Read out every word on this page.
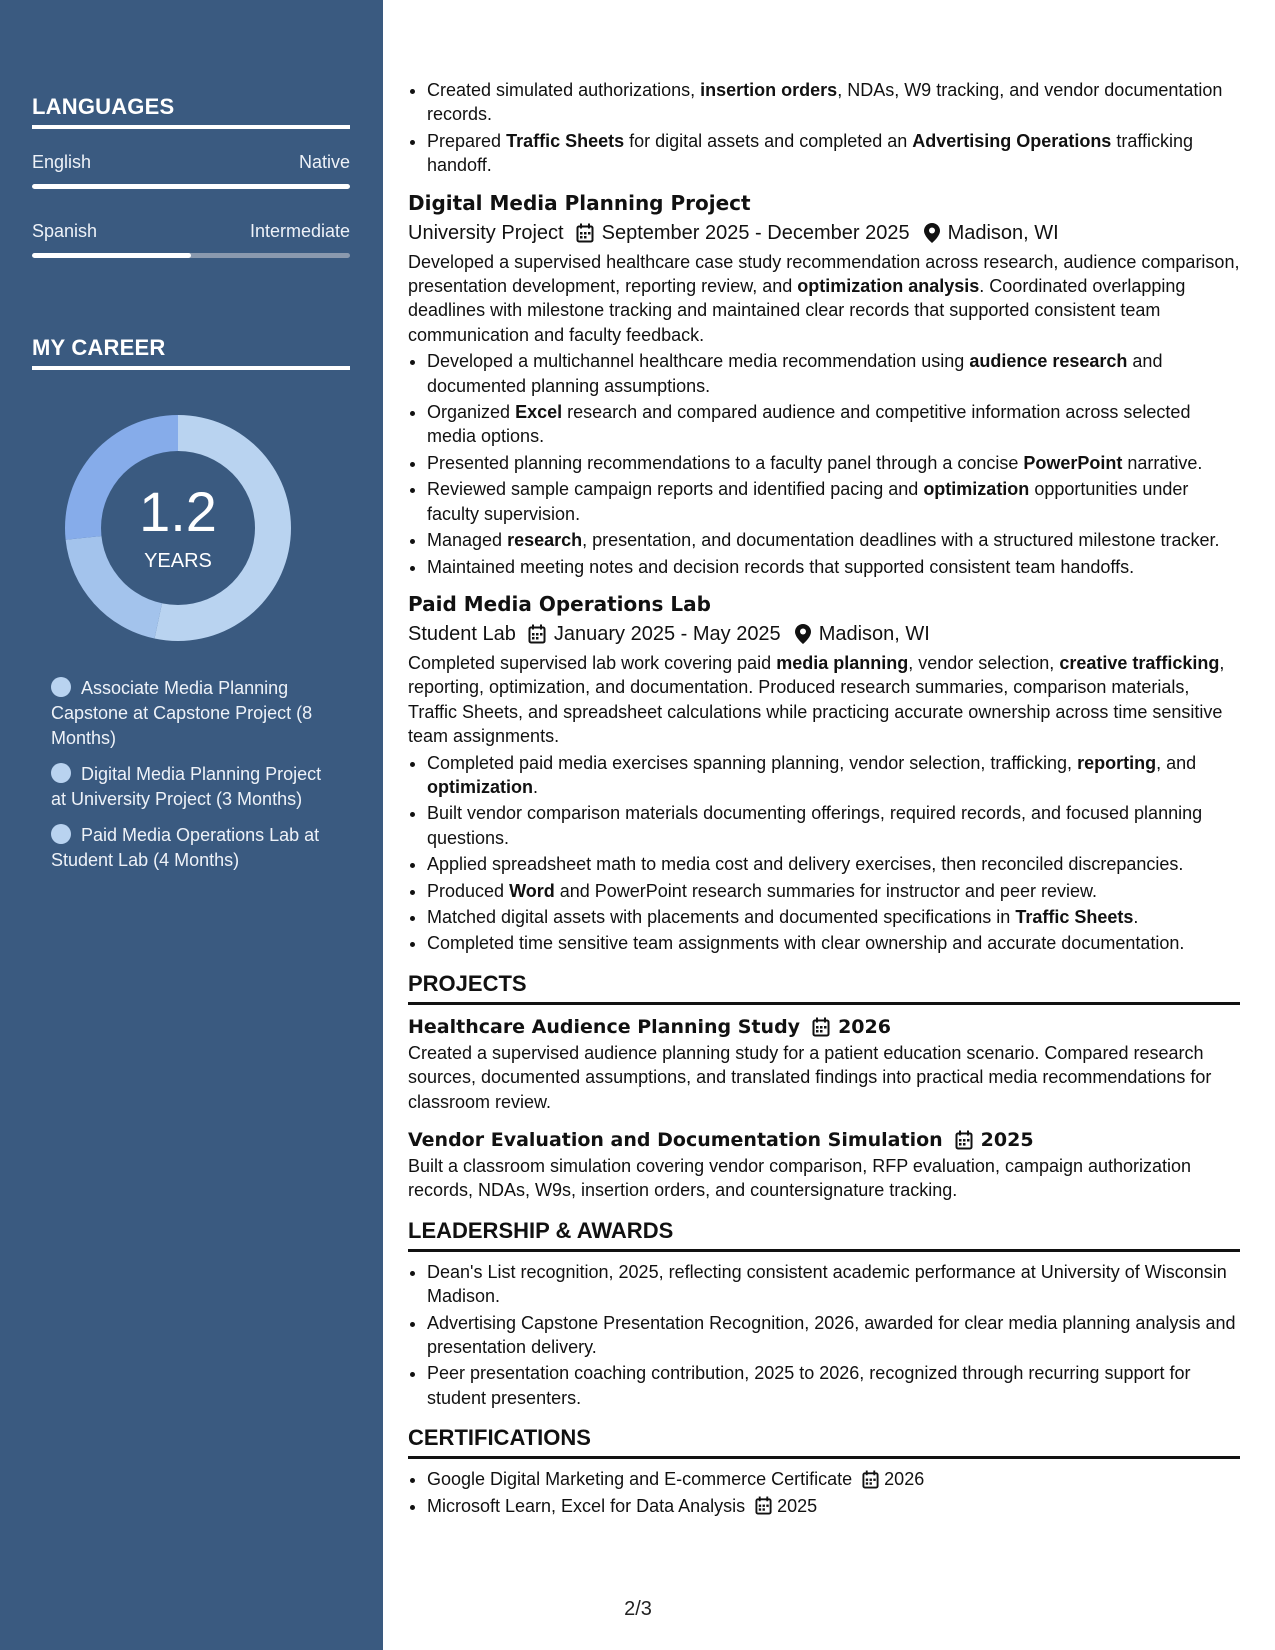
LANGUAGES
English	Native
Spanish	Intermediate
MY CAREER
1.2
YEARS
Associate Media Planning Capstone at Capstone Project (8 Months)
Digital Media Planning Project at University Project (3 Months)
Paid Media Operations Lab at Student Lab (4 Months)
• Created simulated authorizations, insertion orders, NDAs, W9 tracking, and vendor documentation records.
• Prepared Traffic Sheets for digital assets and completed an Advertising Operations trafficking handoff.
Digital Media Planning Project
University Project September 2025 - December 2025 Madison, WI

Developed a supervised healthcare case study recommendation across research, audience comparison, presentation development, reporting review, and optimization analysis. Coordinated overlapping deadlines with milestone tracking and maintained clear records that supported consistent team communication and faculty feedback.

• Developed a multichannel healthcare media recommendation using audience research and documented planning assumptions.
• Organized Excel research and compared audience and competitive information across selected media options.
• Presented planning recommendations to a faculty panel through a concise PowerPoint narrative.
• Reviewed sample campaign reports and identified pacing and optimization opportunities under faculty supervision.
• Managed research, presentation, and documentation deadlines with a structured milestone tracker.
• Maintained meeting notes and decision records that supported consistent team handoffs.
Paid Media Operations Lab
Student Lab January 2025 - May 2025 Madison, WI

Completed supervised lab work covering paid media planning, vendor selection, creative trafficking, reporting, optimization, and documentation. Produced research summaries, comparison materials, Traffic Sheets, and spreadsheet calculations while practicing accurate ownership across time sensitive team assignments.

• Completed paid media exercises spanning planning, vendor selection, trafficking, reporting, and optimization.
• Built vendor comparison materials documenting offerings, required records, and focused planning questions.
• Applied spreadsheet math to media cost and delivery exercises, then reconciled discrepancies.
• Produced Word and PowerPoint research summaries for instructor and peer review.
• Matched digital assets with placements and documented specifications in Traffic Sheets.
• Completed time sensitive team assignments with clear ownership and accurate documentation.
PROJECTS
Healthcare Audience Planning Study 2026

Created a supervised audience planning study for a patient education scenario. Compared research sources, documented assumptions, and translated findings into practical media recommendations for classroom review.

Vendor Evaluation and Documentation Simulation 2025

Built a classroom simulation covering vendor comparison, RFP evaluation, campaign authorization records, NDAs, W9s, insertion orders, and countersignature tracking.

LEADERSHIP & AWARDS
• Dean's List recognition, 2025, reflecting consistent academic performance at University of Wisconsin Madison.
• Advertising Capstone Presentation Recognition, 2026, awarded for clear media planning analysis and presentation delivery.
• Peer presentation coaching contribution, 2025 to 2026, recognized through recurring support for student presenters.
CERTIFICATIONS
• Google Digital Marketing and E-commerce Certificate 2026
• Microsoft Learn, Excel for Data Analysis 2025
2/3
